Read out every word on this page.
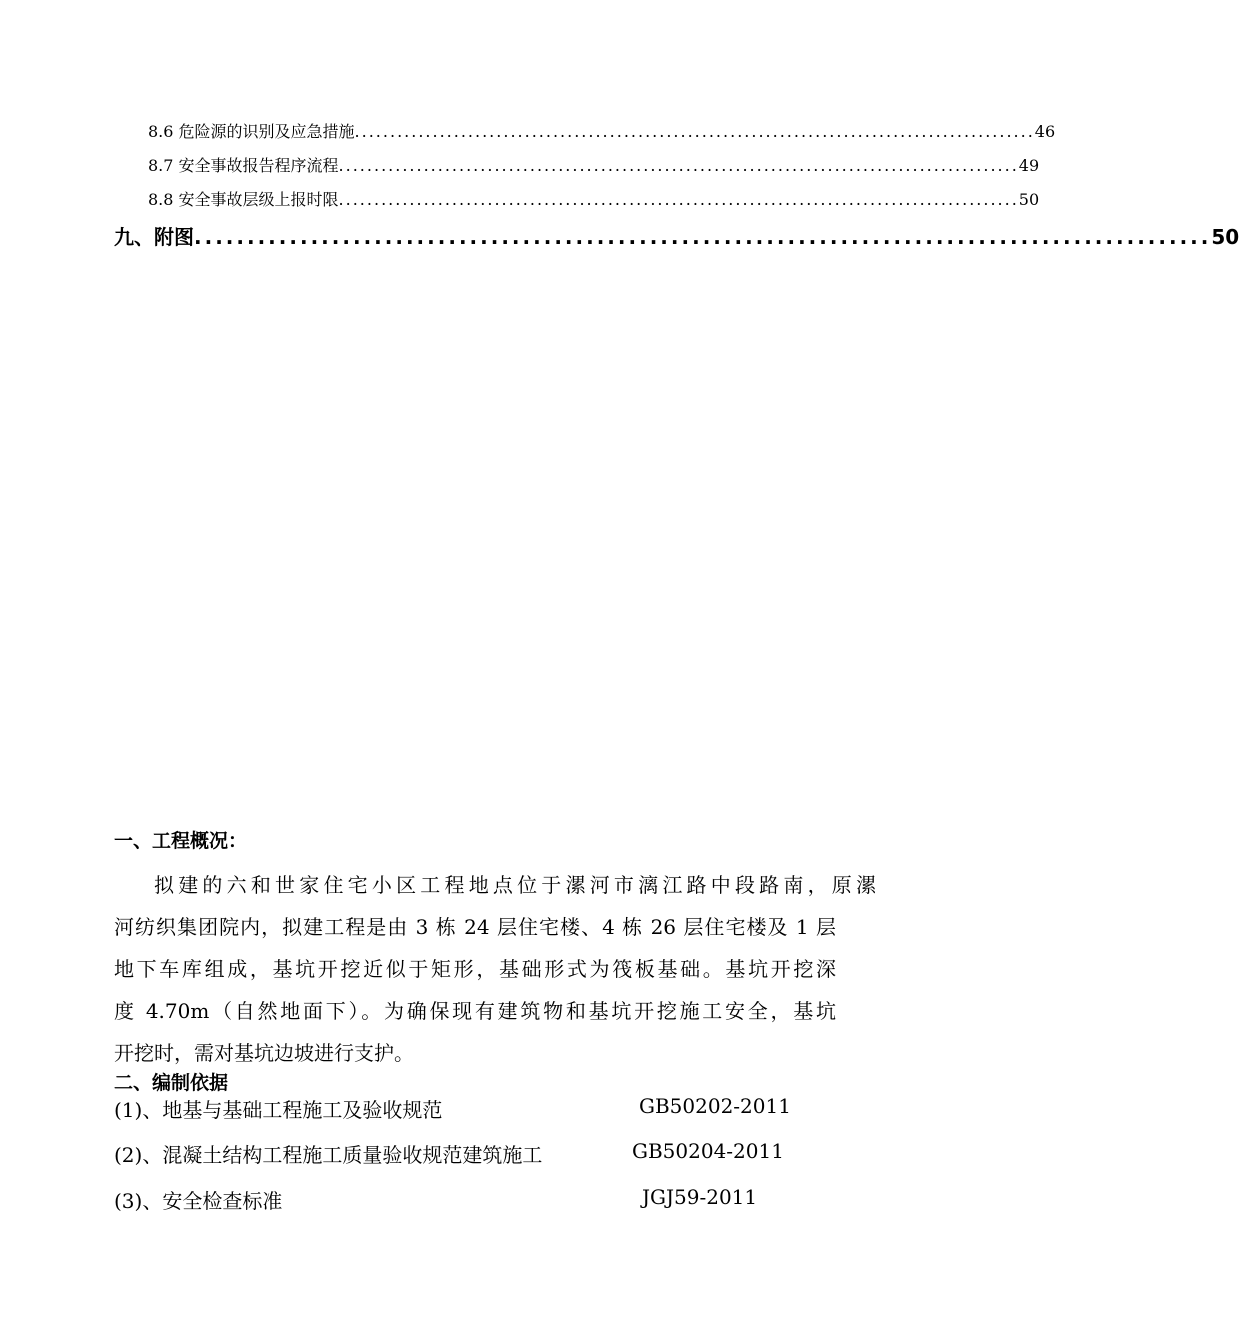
8.6 危险源的识别及应急措施 ................................................................................................ 46
8.7 安全事故报告程序流程 ................................................................................................ 49
8.8 安全事故层级上报时限 ................................................................................................ 50
九、附图 ................................................................................................ 50
一、工程概况：
拟建的六和世家住宅小区工程地点位于漯河市漓江路中段路南，原漯
河纺织集团院内，拟建工程是由 3 栋 24 层住宅楼、4 栋 26 层住宅楼及 1 层
地下车库组成，基坑开挖近似于矩形，基础形式为筏板基础。基坑开挖深
度 4.70m（自然地面下）。为确保现有建筑物和基坑开挖施工安全，基坑
开挖时，需对基坑边坡进行支护。
二、编制依据
(1)、地基与基础工程施工及验收规范	GB50202-2011
(2)、混凝土结构工程施工质量验收规范建筑施工	GB50204-2011
(3)、安全检查标准	JGJ59-2011
